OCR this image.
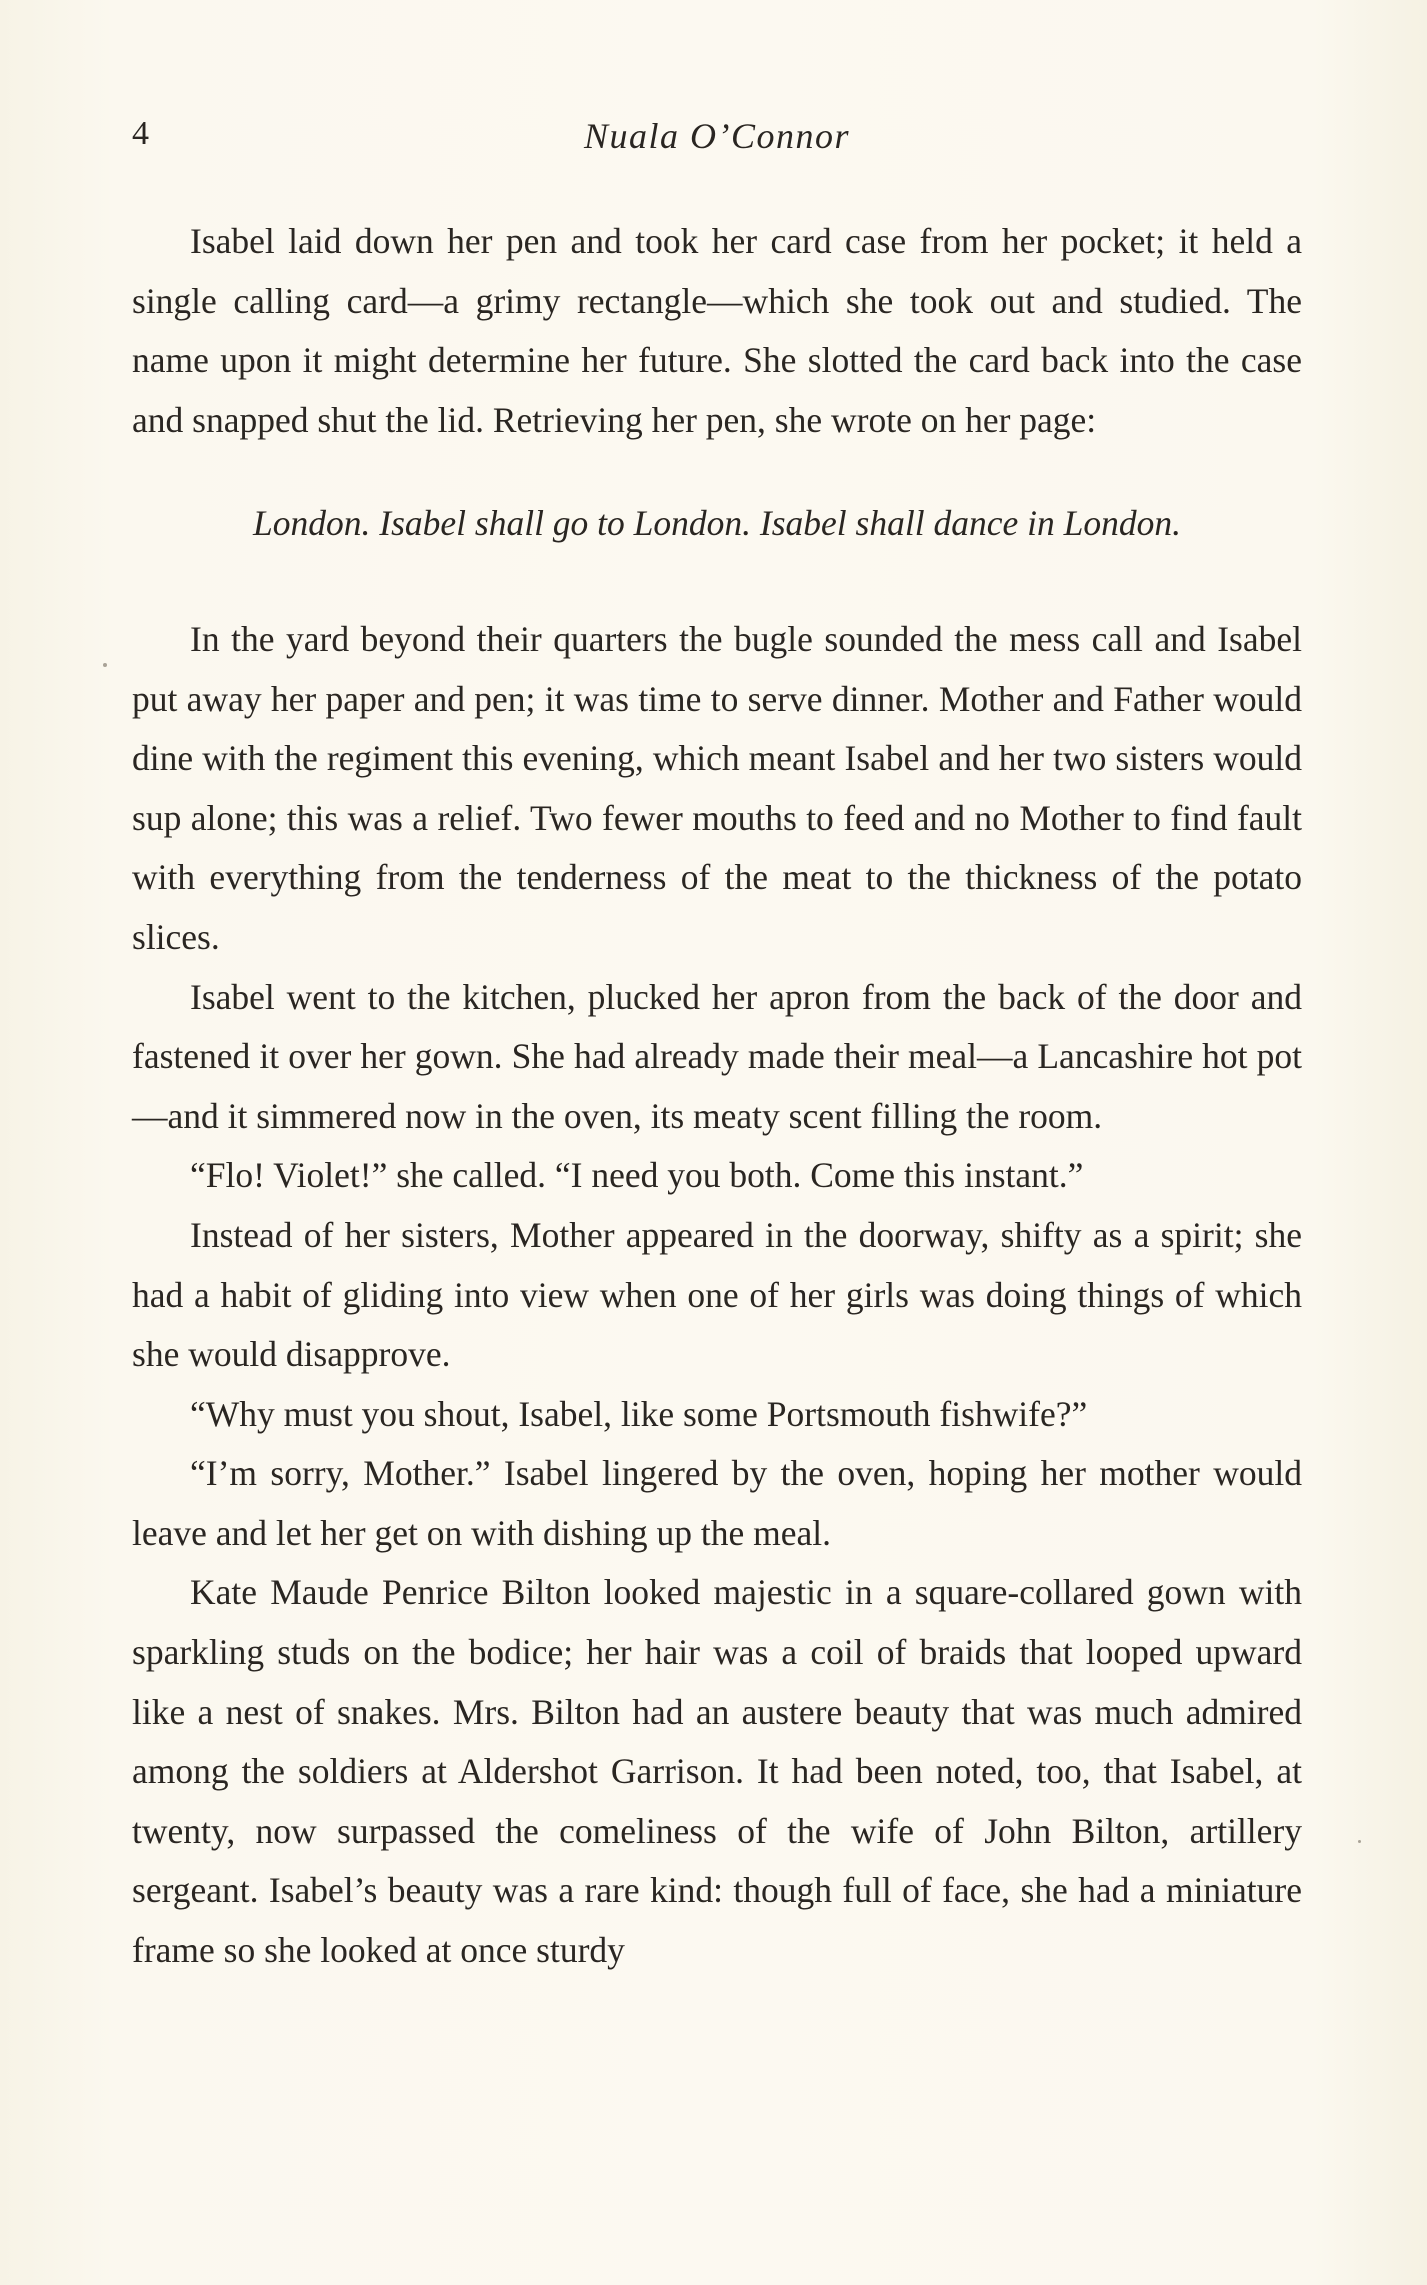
4	Nuala O’Connor

Isabel laid down her pen and took her card case from her pocket; it held a single calling card—a grimy rectangle—which she took out and studied. The name upon it might determine her future. She slotted the card back into the case and snapped shut the lid. Retrieving her pen, she wrote on her page:

London. Isabel shall go to London. Isabel shall dance in London.

In the yard beyond their quarters the bugle sounded the mess call and Isabel put away her paper and pen; it was time to serve dinner. Mother and Father would dine with the regiment this evening, which meant Isabel and her two sisters would sup alone; this was a relief. Two fewer mouths to feed and no Mother to find fault with everything from the tenderness of the meat to the thickness of the potato slices.

Isabel went to the kitchen, plucked her apron from the back of the door and fastened it over her gown. She had already made their meal—a Lancashire hot pot—and it simmered now in the oven, its meaty scent filling the room.

“Flo! Violet!” she called. “I need you both. Come this instant.”

Instead of her sisters, Mother appeared in the doorway, shifty as a spirit; she had a habit of gliding into view when one of her girls was doing things of which she would disapprove.

“Why must you shout, Isabel, like some Portsmouth fishwife?”

“I’m sorry, Mother.” Isabel lingered by the oven, hoping her mother would leave and let her get on with dishing up the meal.

Kate Maude Penrice Bilton looked majestic in a square-collared gown with sparkling studs on the bodice; her hair was a coil of braids that looped upward like a nest of snakes. Mrs. Bilton had an austere beauty that was much admired among the soldiers at Aldershot Garrison. It had been noted, too, that Isabel, at twenty, now surpassed the comeliness of the wife of John Bilton, artillery sergeant. Isabel’s beauty was a rare kind: though full of face, she had a miniature frame so she looked at once sturdy
